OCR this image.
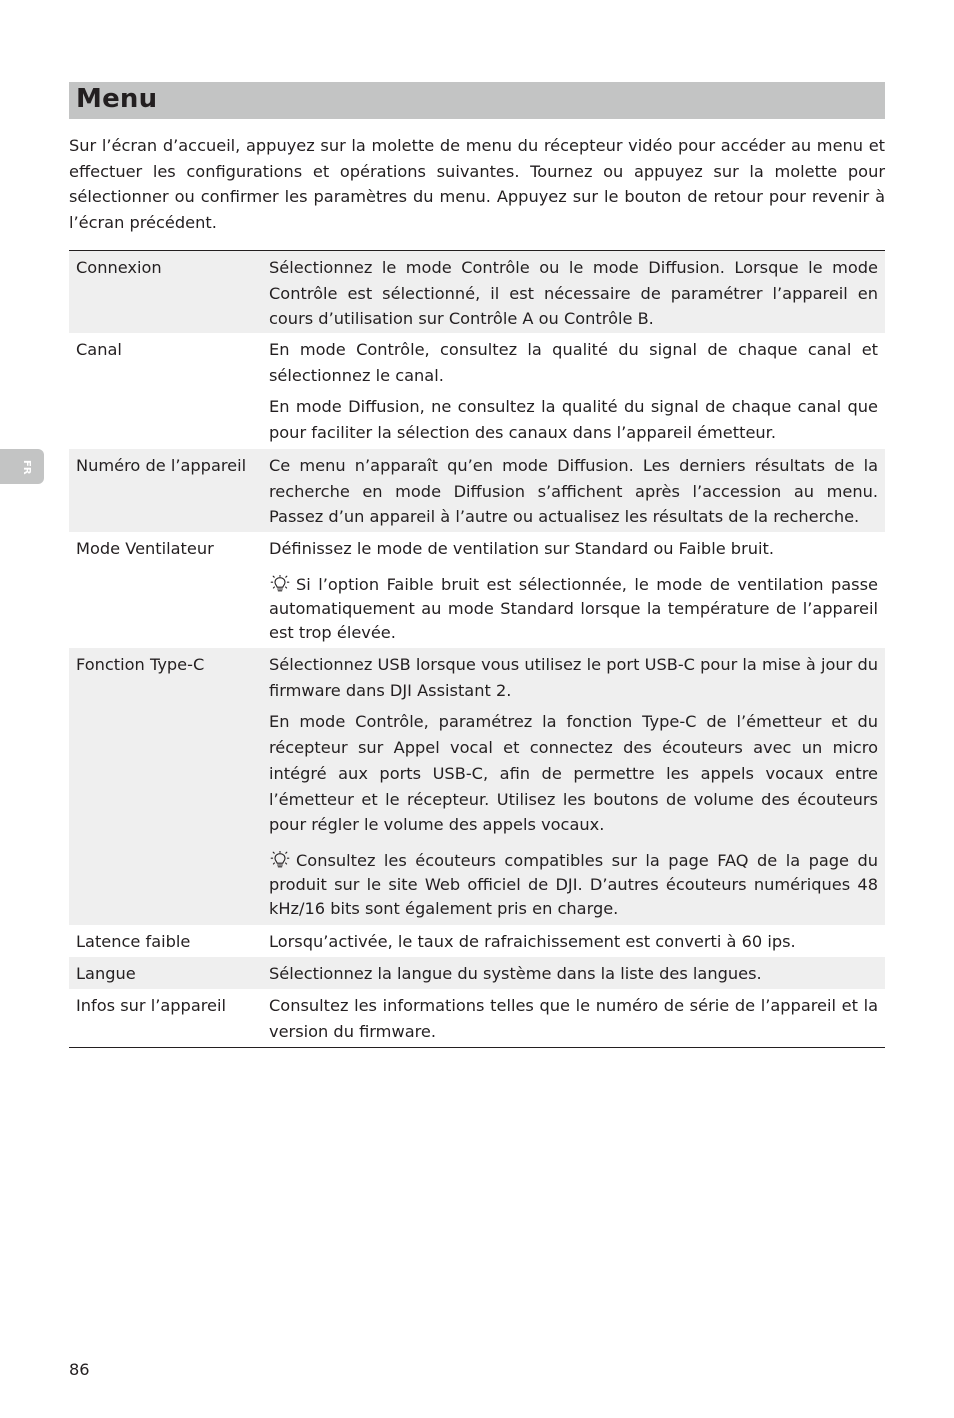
Menu

Sur l’écran d’accueil, appuyez sur la molette de menu du récepteur vidéo pour accéder au menu et effectuer les configurations et opérations suivantes. Tournez ou appuyez sur la molette pour sélectionner ou confirmer les paramètres du menu. Appuyez sur le bouton de retour pour revenir à l’écran précédent.

FR
Connexion	Sélectionnez le mode Contrôle ou le mode Diffusion. Lorsque le mode Contrôle est sélectionné, il est nécessaire de paramétrer l’appareil en cours d’utilisation sur Contrôle A ou Contrôle B.

Canal	En mode Contrôle, consultez la qualité du signal de chaque canal et sélectionnez le canal.

En mode Diffusion, ne consultez la qualité du signal de chaque canal que pour faciliter la sélection des canaux dans l’appareil émetteur.

Numéro de l’appareil	Ce menu n’apparaît qu’en mode Diffusion. Les derniers résultats de la recherche en mode Diffusion s’affichent après l’accession au menu. Passez d’un appareil à l’autre ou actualisez les résultats de la recherche.

Mode Ventilateur	Définissez le mode de ventilation sur Standard ou Faible bruit.

Si l’option Faible bruit est sélectionnée, le mode de ventilation passe automatiquement au mode Standard lorsque la température de l’appareil est trop élevée.

Fonction Type-C	Sélectionnez USB lorsque vous utilisez le port USB-C pour la mise à jour du firmware dans DJI Assistant 2.

En mode Contrôle, paramétrez la fonction Type-C de l’émetteur et du récepteur sur Appel vocal et connectez des écouteurs avec un micro intégré aux ports USB-C, afin de permettre les appels vocaux entre l’émetteur et le récepteur. Utilisez les boutons de volume des écouteurs pour régler le volume des appels vocaux.

Consultez les écouteurs compatibles sur la page FAQ de la page du produit sur le site Web officiel de DJI. D’autres écouteurs numériques 48 kHz/16 bits sont également pris en charge.

Latence faible	Lorsqu’activée, le taux de rafraichissement est converti à 60 ips.

Langue	Sélectionnez la langue du système dans la liste des langues.

Infos sur l’appareil	Consultez les informations telles que le numéro de série de l’appareil et la version du firmware.

86
